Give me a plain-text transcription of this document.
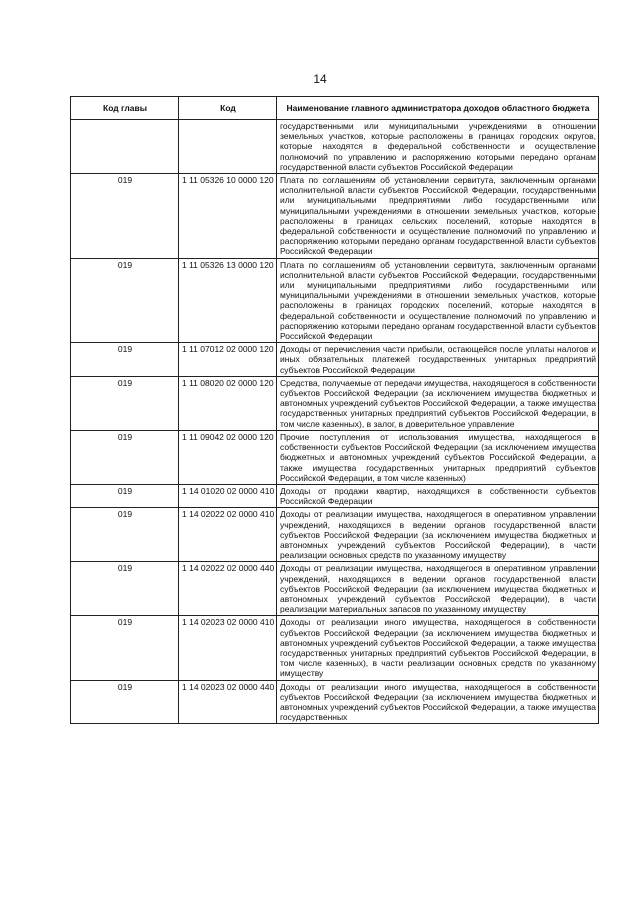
14
Код главы	Код	Наименование главного администратора доходов областного бюджета
		государственными или муниципальными учреждениями в отношении земельных участков, которые расположены в границах городских округов, которые находятся в федеральной собственности и осуществление полномочий по управлению и распоряжению которыми передано органам государственной власти субъектов Российской Федерации
019	1 11 05326 10 0000 120	Плата по соглашениям об установлении сервитута, заключенным органами исполнительной власти субъектов Российской Федерации, государственными или муниципальными предприятиями либо государственными или муниципальными учреждениями в отношении земельных участков, которые расположены в границах сельских поселений, которые находятся в федеральной собственности и осуществление полномочий по управлению и распоряжению которыми передано органам государственной власти субъектов Российской Федерации
019	1 11 05326 13 0000 120	Плата по соглашениям об установлении сервитута, заключенным органами исполнительной власти субъектов Российской Федерации, государственными или муниципальными предприятиями либо государственными или муниципальными учреждениями в отношении земельных участков, которые расположены в границах городских поселений, которые находятся в федеральной собственности и осуществление полномочий по управлению и распоряжению которыми передано органам государственной власти субъектов Российской Федерации
019	1 11 07012 02 0000 120	Доходы от перечисления части прибыли, остающейся после уплаты налогов и иных обязательных платежей государственных унитарных предприятий субъектов Российской Федерации
019	1 11 08020 02 0000 120	Средства, получаемые от передачи имущества, находящегося в собственности субъектов Российской Федерации (за исключением имущества бюджетных и автономных учреждений субъектов Российской Федерации, а также имущества государственных унитарных предприятий субъектов Российской Федерации, в том числе казенных), в залог, в доверительное управление
019	1 11 09042 02 0000 120	Прочие поступления от использования имущества, находящегося в собственности субъектов Российской Федерации (за исключением имущества бюджетных и автономных учреждений субъектов Российской Федерации, а также имущества государственных унитарных предприятий субъектов Российской Федерации, в том числе казенных)
019	1 14 01020 02 0000 410	Доходы от продажи квартир, находящихся в собственности субъектов Российской Федерации
019	1 14 02022 02 0000 410	Доходы от реализации имущества, находящегося в оперативном управлении учреждений, находящихся в ведении органов государственной власти субъектов Российской Федерации (за исключением имущества бюджетных и автономных учреждений субъектов Российской Федерации), в части реализации основных средств по указанному имуществу
019	1 14 02022 02 0000 440	Доходы от реализации имущества, находящегося в оперативном управлении учреждений, находящихся в ведении органов государственной власти субъектов Российской Федерации (за исключением имущества бюджетных и автономных учреждений субъектов Российской Федерации), в части реализации материальных запасов по указанному имуществу
019	1 14 02023 02 0000 410	Доходы от реализации иного имущества, находящегося в собственности субъектов Российской Федерации (за исключением имущества бюджетных и автономных учреждений субъектов Российской Федерации, а также имущества государственных унитарных предприятий субъектов Российской Федерации, в том числе казенных), в части реализации основных средств по указанному имуществу
019	1 14 02023 02 0000 440	Доходы от реализации иного имущества, находящегося в собственности субъектов Российской Федерации (за исключением имущества бюджетных и автономных учреждений субъектов Российской Федерации, а также имущества государственных
